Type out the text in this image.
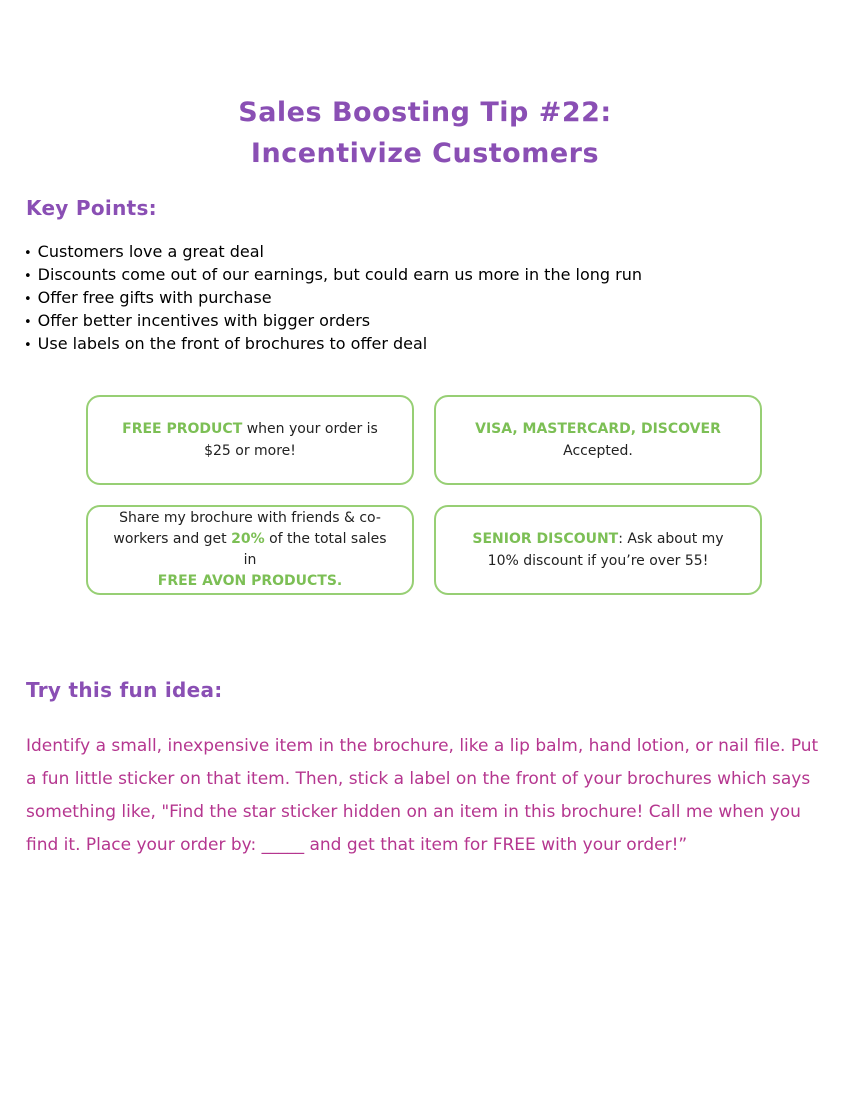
Sales Boosting Tip #22:
Incentivize Customers
Key Points:
• Customers love a great deal
• Discounts come out of our earnings, but could earn us more in the long run
• Offer free gifts with purchase
• Offer better incentives with bigger orders
• Use labels on the front of brochures to offer deal

FREE PRODUCT when your order is
$25 or more!

VISA, MASTERCARD, DISCOVER
Accepted.

Share my brochure with friends & co-workers and get 20% of the total sales in
FREE AVON PRODUCTS.

SENIOR DISCOUNT: Ask about my
10% discount if you’re over 55!

Try this fun idea:

Identify a small, inexpensive item in the brochure, like a lip balm, hand lotion, or nail file. Put a fun little sticker on that item. Then, stick a label on the front of your brochures which says something like, "Find the star sticker hidden on an item in this brochure! Call me when you find it. Place your order by: _____ and get that item for FREE with your order!”
